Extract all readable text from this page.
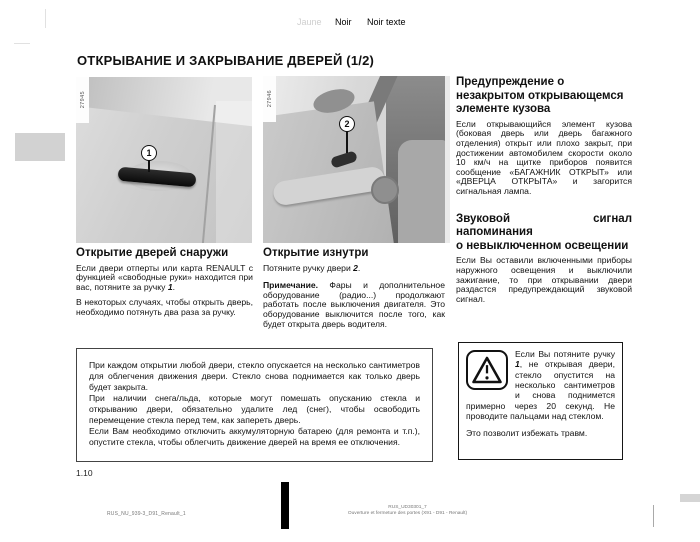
Jaune Noir Noir texte
ОТКРЫВАНИЕ И ЗАКРЫВАНИЕ ДВЕРЕЙ (1/2)
1
27945
2
27946
Открытие дверей снаружи

Если двери отперты или карта RENAULT с функцией «свободные руки» находится при вас, потяните за ручку 1.

В некоторых случаях, чтобы открыть дверь, необходимо потянуть два раза за ручку.

Открытие изнутри

Потяните ручку двери 2.

Примечание. Фары и дополнительное оборудование (радио...) продолжают работать после выключения двигателя. Это оборудование выключится после того, как будет открыта дверь водителя.

Предупреждение о
незакрытом открывающемся
элементе кузова

Если открывающийся элемент кузова (боковая дверь или дверь багажного отделения) открыт или плохо закрыт, при достижении автомобилем скорости около 10 км/ч на щитке приборов появится сообщение «БАГАЖНИК ОТКРЫТ» или «ДВЕРЦА ОТКРЫТА» и загорится сигнальная лампа.

Звуковой сигнал напоминания
о невыключенном освещении

Если Вы оставили включенными приборы наружного освещения и выключили зажигание, то при открывании двери раздастся предупреждающий звуковой сигнал.

При каждом открытии любой двери, стекло опускается на несколько сантиметров для облегчения движения двери. Стекло снова поднимается как только дверь будет закрыта.

При наличии снега/льда, которые могут помешать опусканию стекла и открыванию двери, обязательно удалите лед (снег), чтобы освободить перемещение стекла перед тем, как запереть дверь.

Если Вам необходимо отключить аккумуляторную батарею (для ремонта и т.п.), опустите стекла, чтобы облегчить движение дверей на время ее отключения.

Если Вы потяните ручку 1, не открывая двери, стекло опустится на несколько сантиметров и снова поднимется примерно через 20 секунд. Не проводите пальцами над стеклом.

Это позволит избежать травм.

1.10
RUS_NU_939-3_D91_Renault_1
RUS_UD30301_7
Ouverture et fermeture des portes (X91 - D91 - Renault)
